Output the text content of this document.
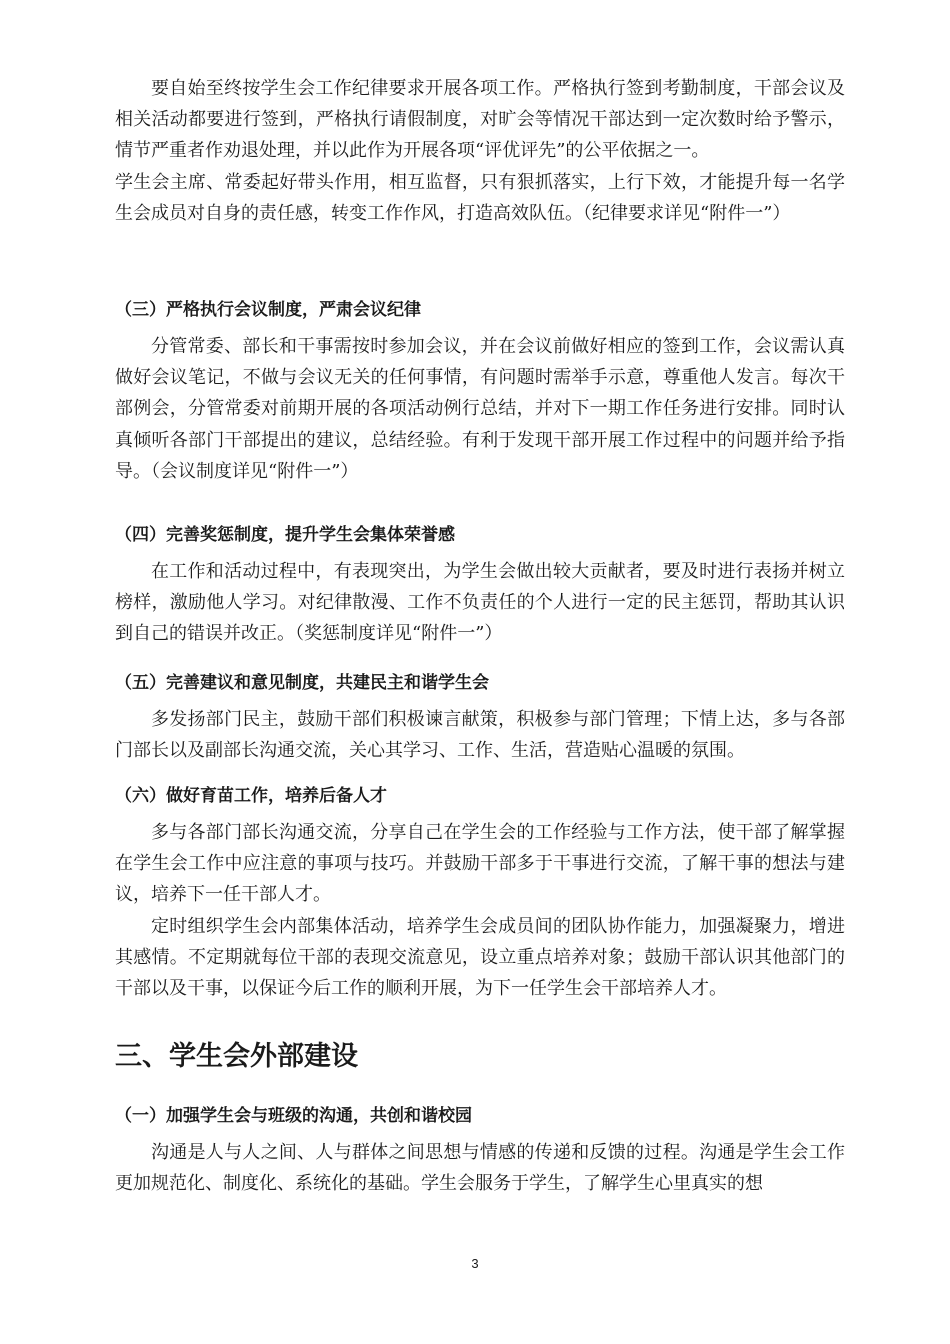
要自始至终按学生会工作纪律要求开展各项工作。严格执行签到考勤制度，干部会议及相关活动都要进行签到，严格执行请假制度，对旷会等情况干部达到一定次数时给予警示，情节严重者作劝退处理，并以此作为开展各项“评优评先”的公平依据之一。

学生会主席、常委起好带头作用，相互监督，只有狠抓落实，上行下效，才能提升每一名学生会成员对自身的责任感，转变工作作风，打造高效队伍。（纪律要求详见“附件一”）

（三）严格执行会议制度，严肃会议纪律

分管常委、部长和干事需按时参加会议，并在会议前做好相应的签到工作，会议需认真做好会议笔记，不做与会议无关的任何事情，有问题时需举手示意，尊重他人发言。每次干部例会，分管常委对前期开展的各项活动例行总结，并对下一期工作任务进行安排。同时认真倾听各部门干部提出的建议，总结经验。有利于发现干部开展工作过程中的问题并给予指导。（会议制度详见“附件一”）

（四）完善奖惩制度，提升学生会集体荣誉感

在工作和活动过程中，有表现突出，为学生会做出较大贡献者，要及时进行表扬并树立榜样，激励他人学习。对纪律散漫、工作不负责任的个人进行一定的民主惩罚，帮助其认识到自己的错误并改正。（奖惩制度详见“附件一”）

（五）完善建议和意见制度，共建民主和谐学生会

多发扬部门民主，鼓励干部们积极谏言献策，积极参与部门管理；下情上达，多与各部门部长以及副部长沟通交流，关心其学习、工作、生活，营造贴心温暖的氛围。

（六）做好育苗工作，培养后备人才

多与各部门部长沟通交流，分享自己在学生会的工作经验与工作方法，使干部了解掌握在学生会工作中应注意的事项与技巧。并鼓励干部多于干事进行交流，了解干事的想法与建议，培养下一任干部人才。

定时组织学生会内部集体活动，培养学生会成员间的团队协作能力，加强凝聚力，增进其感情。不定期就每位干部的表现交流意见，设立重点培养对象；鼓励干部认识其他部门的干部以及干事，以保证今后工作的顺利开展，为下一任学生会干部培养人才。

三、学生会外部建设

（一）加强学生会与班级的沟通，共创和谐校园

沟通是人与人之间、人与群体之间思想与情感的传递和反馈的过程。沟通是学生会工作更加规范化、制度化、系统化的基础。学生会服务于学生，了解学生心里真实的想

3
